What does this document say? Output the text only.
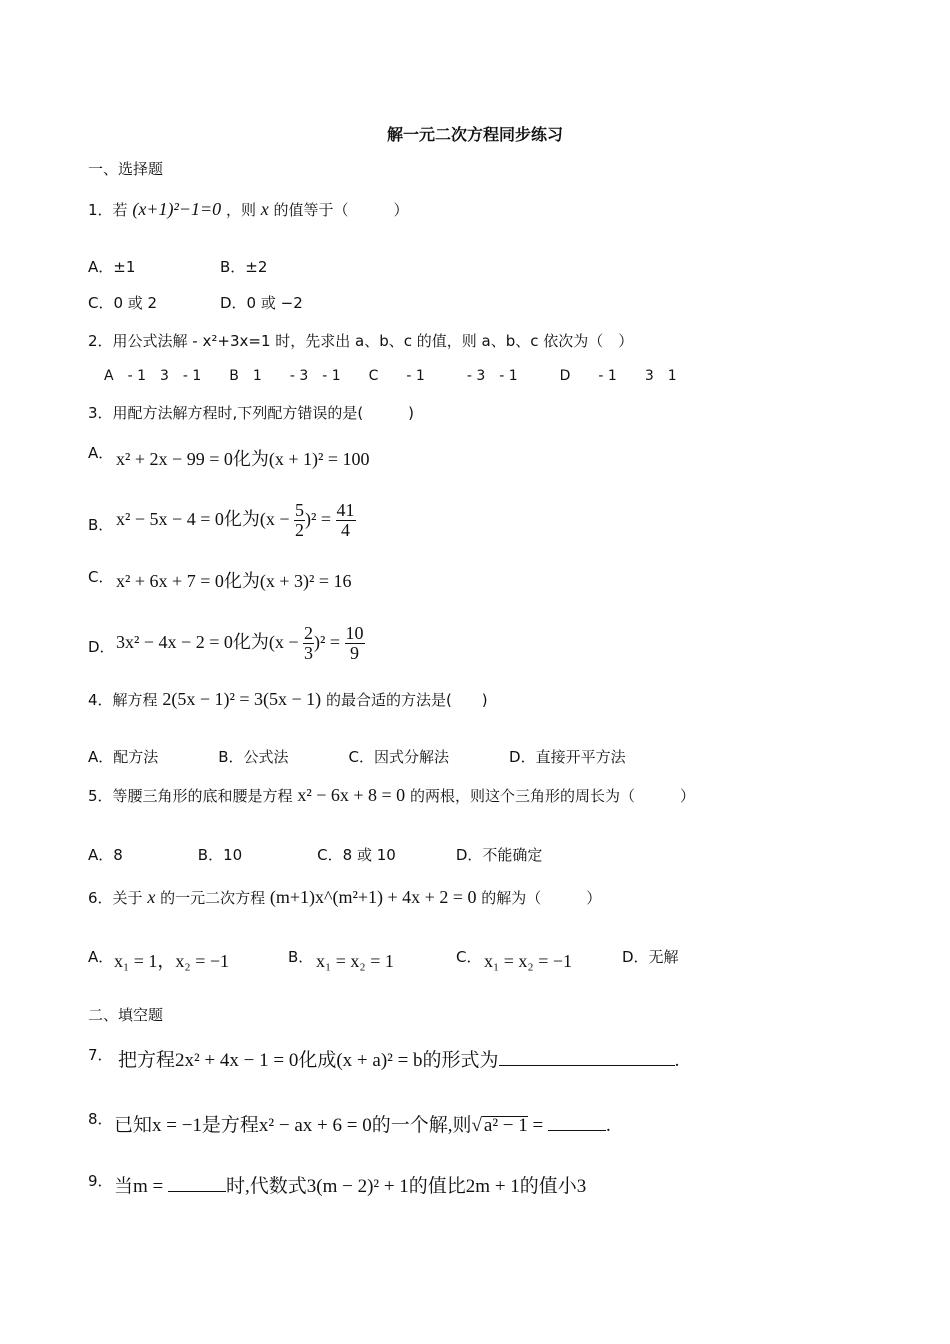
解一元二次方程同步练习
一、选择题
1．若 (x+1)²−1=0 ，则 x 的值等于（　　　）
A．±1	B．±2
C．0 或 2	D．0 或 −2
2．用公式法解 - x²+3x=1 时，先求出 a、b、c 的值，则 a、b、c 依次为（　）
A　- 1　3　- 1　　B　1　　- 3　- 1　　C　　- 1　　　- 3　- 1　　　D　　- 1　　3　1
3．用配方法解方程时,下列配方错误的是(　　　)
A． x² + 2x − 99 = 0化为(x + 1)² = 100
B． x² − 5x − 4 = 0化为$(x - \frac{5}{2} )^2 = \frac{41}{4}$
C． x² + 6x + 7 = 0化为(x + 3)² = 16
D． 3x² − 4x − 2 = 0化为$(x - \frac{2}{3} )^2 = \frac{10}{9}$
4．解方程 2(5x − 1)² = 3(5x − 1) 的最合适的方法是(　　)
A．配方法　　　　B．公式法　　　　C．因式分解法　　　　D．直接开平方法
5．等腰三角形的底和腰是方程 x² − 6x + 8 = 0 的两根，则这个三角形的周长为（　　　）
A．8　　　　　B．10　　　　　C．8 或 10　　　　D．不能确定
6．关于 x 的一元二次方程 (m+1)x^(m²+1) + 4x + 2 = 0 的解为（　　　）
A． x₁ = 1，x₂ = −1	B． x₁ = x₂ = 1	C． x₁ = x₂ = −1	D．无解
二、填空题
7． 把方程2x² + 4x − 1 = 0化成(x + a)² = b的形式为	.
8． 已知x = −1是方程x² − ax + 6 = 0的一个解,则√ a² − 1 =	.
9． 当m =	时,代数式3(m − 2)² + 1的值比2m + 1的值小3
